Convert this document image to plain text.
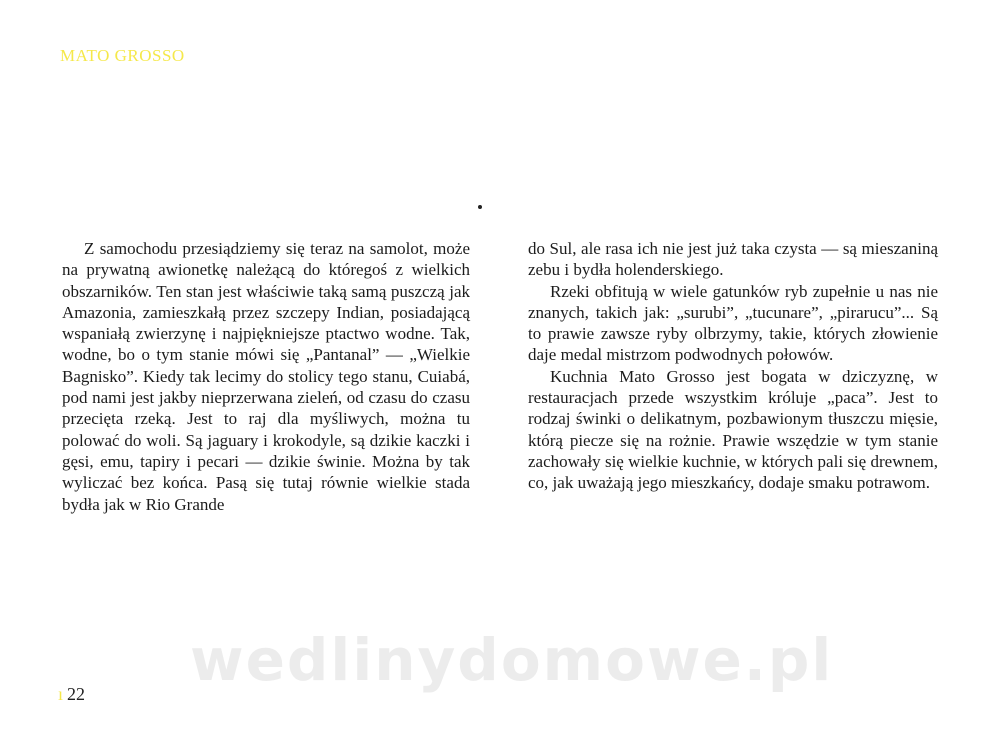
MATO GROSSO

Z samochodu przesiądziemy się teraz na samolot, może na prywatną awionetkę należącą do któregoś z wielkich obszarników. Ten stan jest właściwie taką samą puszczą jak Amazonia, zamieszkałą przez szczepy Indian, posiadającą wspaniałą zwierzynę i najpiękniejsze ptactwo wodne. Tak, wodne, bo o tym stanie mówi się „Pantanal” — „Wielkie Bagnisko”. Kiedy tak lecimy do stolicy tego stanu, Cuiabá, pod nami jest jakby nieprzerwana zieleń, od czasu do czasu przecięta rzeką. Jest to raj dla myśliwych, można tu polować do woli. Są jaguary i krokodyle, są dzikie kaczki i gęsi, emu, tapiry i pecari — dzikie świnie. Można by tak wyliczać bez końca. Pasą się tutaj równie wielkie stada bydła jak w Rio Grande

do Sul, ale rasa ich nie jest już taka czysta — są mieszaniną zebu i bydła holenderskiego.

Rzeki obfitują w wiele gatunków ryb zupełnie u nas nie znanych, takich jak: „surubi”, „tucunare”, „pirarucu”... Są to prawie zawsze ryby olbrzymy, takie, których złowienie daje medal mistrzom podwodnych połowów.

Kuchnia Mato Grosso jest bogata w dziczyznę, w restauracjach przede wszystkim króluje „paca”. Jest to rodzaj świnki o delikatnym, pozbawionym tłuszczu mięsie, którą piecze się na rożnie. Prawie wszędzie w tym stanie zachowały się wielkie kuchnie, w których pali się drewnem, co, jak uważają jego mieszkańcy, dodaje smaku potrawom.

ı 22 wedlinydomowe.pl
